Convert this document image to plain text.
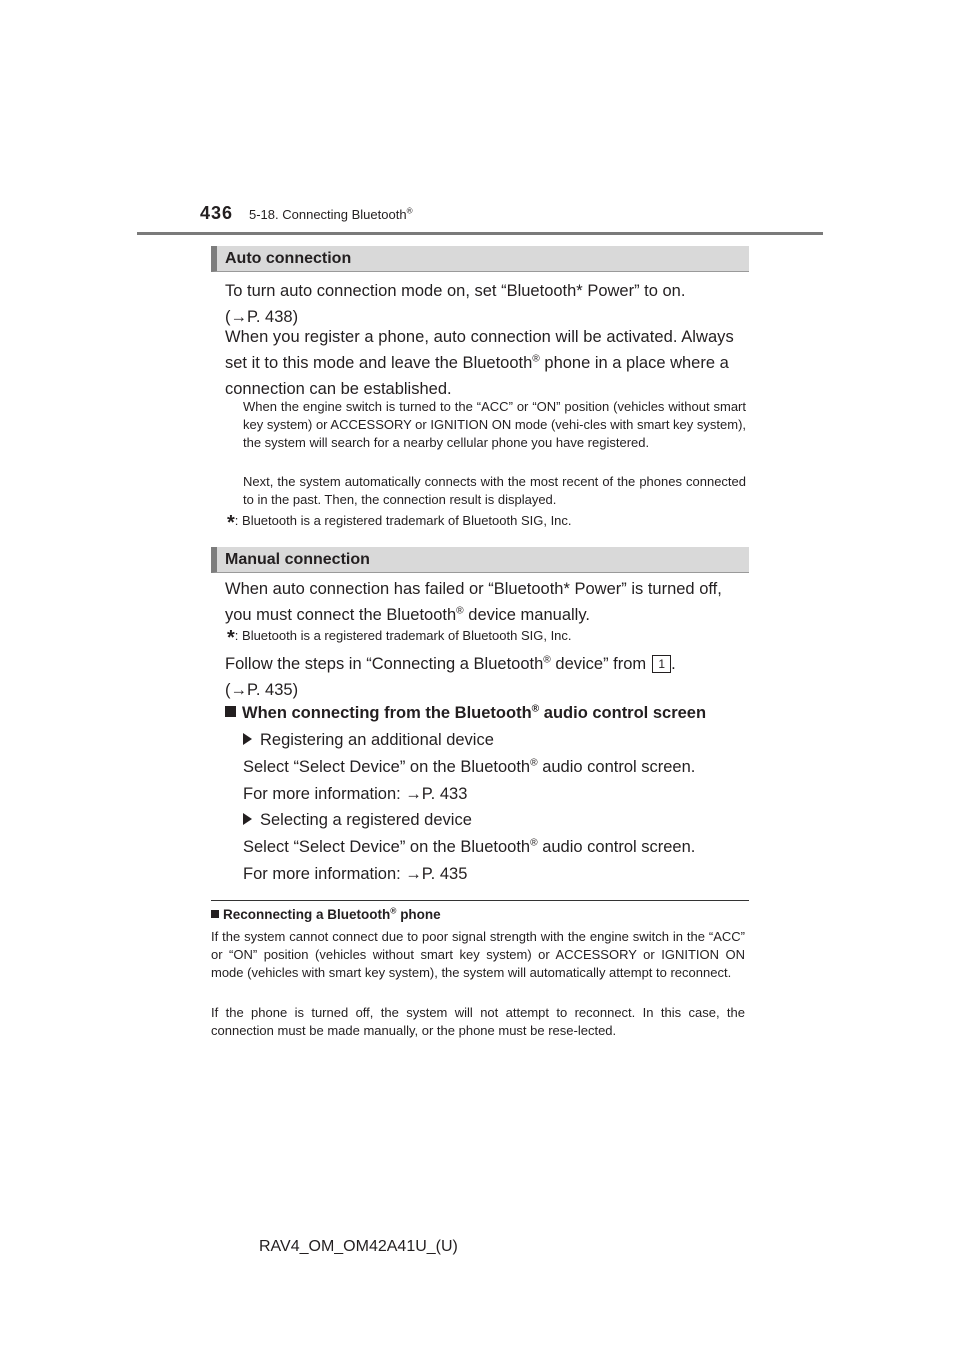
436 5-18. Connecting Bluetooth®
Auto connection
To turn auto connection mode on, set “Bluetooth* Power” to on.
(→P. 438)
When you register a phone, auto connection will be activated. Always
set it to this mode and leave the Bluetooth® phone in a place where a
connection can be established.
When the engine switch is turned to the “ACC” or “ON” position (vehicles without smart key system) or ACCESSORY or IGNITION ON mode (vehi-cles with smart key system), the system will search for a nearby cellular phone you have registered.
Next, the system automatically connects with the most recent of the phones connected to in the past. Then, the connection result is displayed.
*: Bluetooth is a registered trademark of Bluetooth SIG, Inc.
Manual connection
When auto connection has failed or “Bluetooth* Power” is turned off,
you must connect the Bluetooth® device manually.
*: Bluetooth is a registered trademark of Bluetooth SIG, Inc.
Follow the steps in “Connecting a Bluetooth® device” from 1 .
(→P. 435)
When connecting from the Bluetooth® audio control screen
Registering an additional device
Select “Select Device” on the Bluetooth® audio control screen.
For more information: →P. 433
Selecting a registered device
Select “Select Device” on the Bluetooth® audio control screen.
For more information: →P. 435
Reconnecting a Bluetooth® phone
If the system cannot connect due to poor signal strength with the engine switch in the “ACC” or “ON” position (vehicles without smart key system) or ACCESSORY or IGNITION ON mode (vehicles with smart key system), the system will automatically attempt to reconnect.
If the phone is turned off, the system will not attempt to reconnect. In this case, the connection must be made manually, or the phone must be rese-lected.
RAV4_OM_OM42A41U_(U)
